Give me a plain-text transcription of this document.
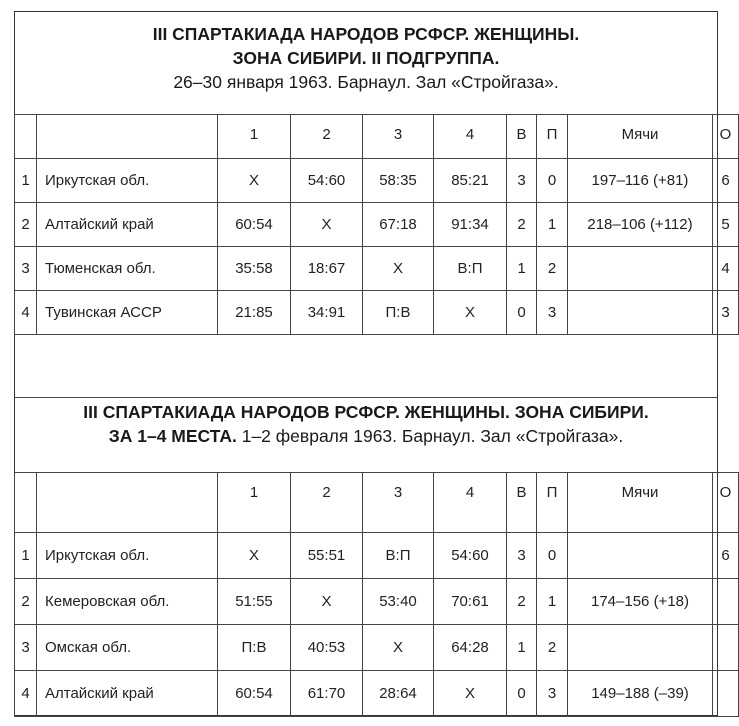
III СПАРТАКИАДА НАРОДОВ РСФСР. ЖЕНЩИНЫ.
ЗОНА СИБИРИ. II ПОДГРУППА.
26–30 января 1963. Барнаул. Зал «Стройгаза».
		1	2	3	4	В	П	Мячи	О
1	Иркутская обл.	Х	54:60	58:35	85:21	3	0	197–116 (+81)	6
2	Алтайский край	60:54	Х	67:18	91:34	2	1	218–106 (+112)	5
3	Тюменская обл.	35:58	18:67	Х	В:П	1	2		4
4	Тувинская АССР	21:85	34:91	П:В	Х	0	3		3
III СПАРТАКИАДА НАРОДОВ РСФСР. ЖЕНЩИНЫ. ЗОНА СИБИРИ.
ЗА 1–4 МЕСТА. 1–2 февраля 1963. Барнаул. Зал «Стройгаза».
		1	2	3	4	В	П	Мячи	О
1	Иркутская обл.	Х	55:51	В:П	54:60	3	0		6
2	Кемеровская обл.	51:55	Х	53:40	70:61	2	1	174–156 (+18)	
3	Омская обл.	П:В	40:53	Х	64:28	1	2		
4	Алтайский край	60:54	61:70	28:64	Х	0	3	149–188 (–39)	
